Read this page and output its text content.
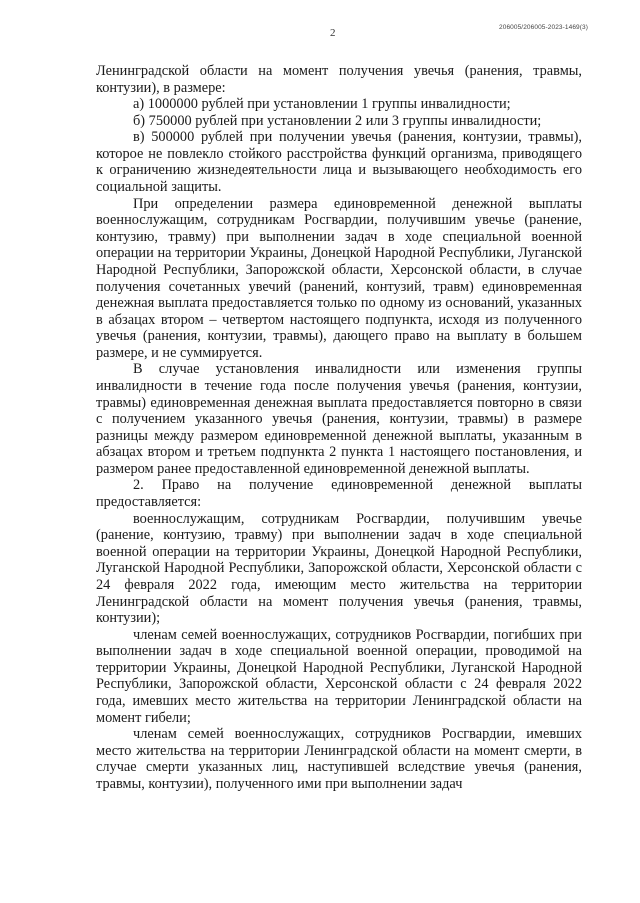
2	206005/206005-2023-1469(3)

Ленинградской области на момент получения увечья (ранения, травмы, контузии), в размере:

а) 1000000 рублей при установлении 1 группы инвалидности;

б) 750000 рублей при установлении 2 или 3 группы инвалидности;

в) 500000 рублей при получении увечья (ранения, контузии, травмы), которое не повлекло стойкого расстройства функций организма, приводящего к ограничению жизнедеятельности лица и вызывающего необходимость его социальной защиты.

При определении размера единовременной денежной выплаты военнослужащим, сотрудникам Росгвардии, получившим увечье (ранение, контузию, травму) при выполнении задач в ходе специальной военной операции на территории Украины, Донецкой Народной Республики, Луганской Народной Республики, Запорожской области, Херсонской области, в случае получения сочетанных увечий (ранений, контузий, травм) единовременная денежная выплата предоставляется только по одному из оснований, указанных в абзацах втором – четвертом настоящего подпункта, исходя из полученного увечья (ранения, контузии, травмы), дающего право на выплату в большем размере, и не суммируется.

В случае установления инвалидности или изменения группы инвалидности в течение года после получения увечья (ранения, контузии, травмы) единовременная денежная выплата предоставляется повторно в связи с получением указанного увечья (ранения, контузии, травмы) в размере разницы между размером единовременной денежной выплаты, указанным в абзацах втором и третьем подпункта 2 пункта 1 настоящего постановления, и размером ранее предоставленной единовременной денежной выплаты.

2. Право на получение единовременной денежной выплаты предоставляется:

военнослужащим, сотрудникам Росгвардии, получившим увечье (ранение, контузию, травму) при выполнении задач в ходе специальной военной операции на территории Украины, Донецкой Народной Республики, Луганской Народной Республики, Запорожской области, Херсонской области с 24 февраля 2022 года, имеющим место жительства на территории Ленинградской области на момент получения увечья (ранения, травмы, контузии);

членам семей военнослужащих, сотрудников Росгвардии, погибших при выполнении задач в ходе специальной военной операции, проводимой на территории Украины, Донецкой Народной Республики, Луганской Народной Республики, Запорожской области, Херсонской области с 24 февраля 2022 года, имевших место жительства на территории Ленинградской области на момент гибели;

членам семей военнослужащих, сотрудников Росгвардии, имевших место жительства на территории Ленинградской области на момент смерти, в случае смерти указанных лиц, наступившей вследствие увечья (ранения, травмы, контузии), полученного ими при выполнении задач
